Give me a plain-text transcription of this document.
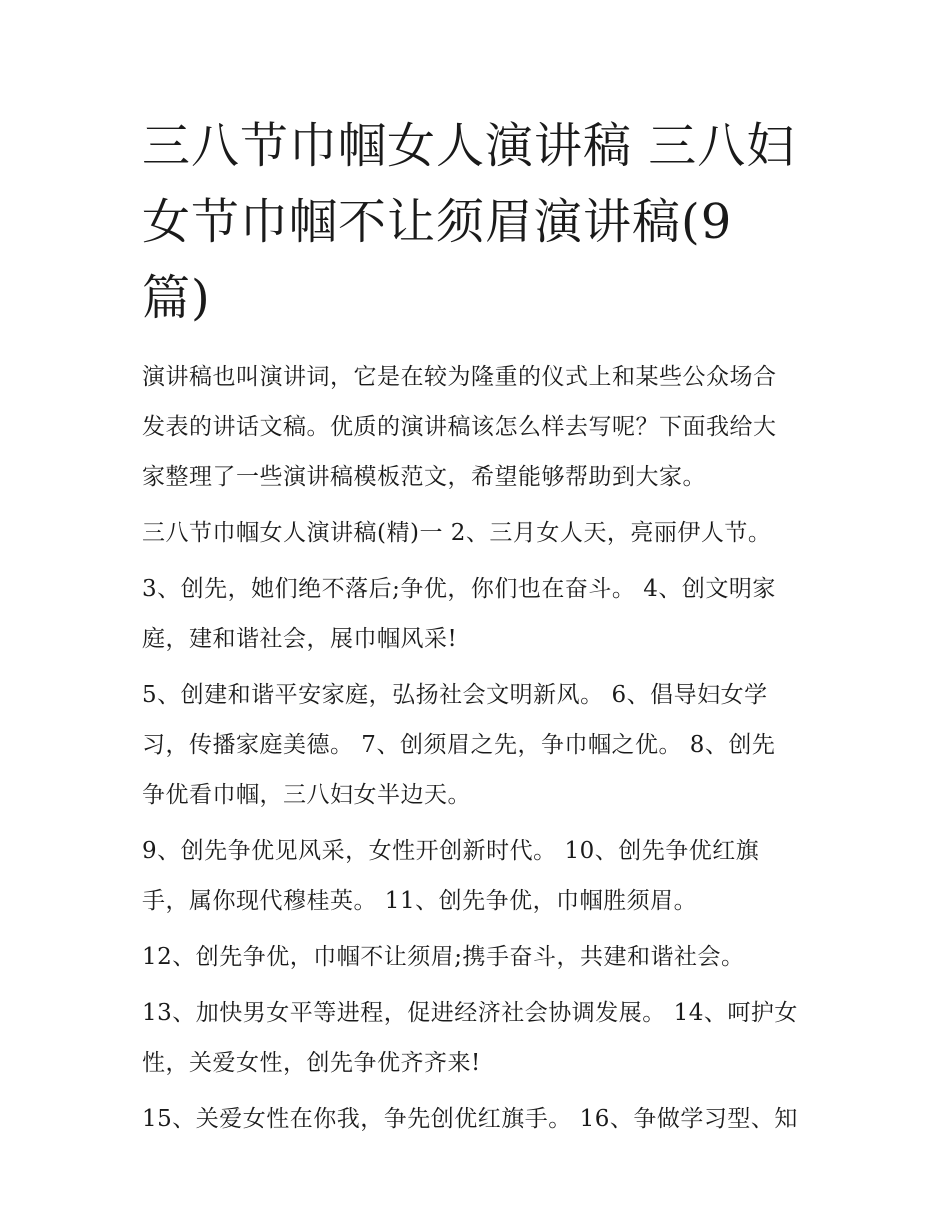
三八节巾帼女人演讲稿 三八妇
女节巾帼不让须眉演讲稿(9
篇)

演讲稿也叫演讲词，它是在较为隆重的仪式上和某些公众场合
发表的讲话文稿。优质的演讲稿该怎么样去写呢？下面我给大
家整理了一些演讲稿模板范文，希望能够帮助到大家。

三八节巾帼女人演讲稿(精)一 2、三月女人天，亮丽伊人节。

3、创先，她们绝不落后;争优，你们也在奋斗。 4、创文明家
庭，建和谐社会，展巾帼风采!

5、创建和谐平安家庭，弘扬社会文明新风。 6、倡导妇女学
习，传播家庭美德。 7、创须眉之先，争巾帼之优。 8、创先
争优看巾帼，三八妇女半边天。

9、创先争优见风采，女性开创新时代。 10、创先争优红旗
手，属你现代穆桂英。 11、创先争优，巾帼胜须眉。

12、创先争优，巾帼不让须眉;携手奋斗，共建和谐社会。

13、加快男女平等进程，促进经济社会协调发展。 14、呵护女
性，关爱女性，创先争优齐齐来!

15、关爱女性在你我，争先创优红旗手。 16、争做学习型、知
